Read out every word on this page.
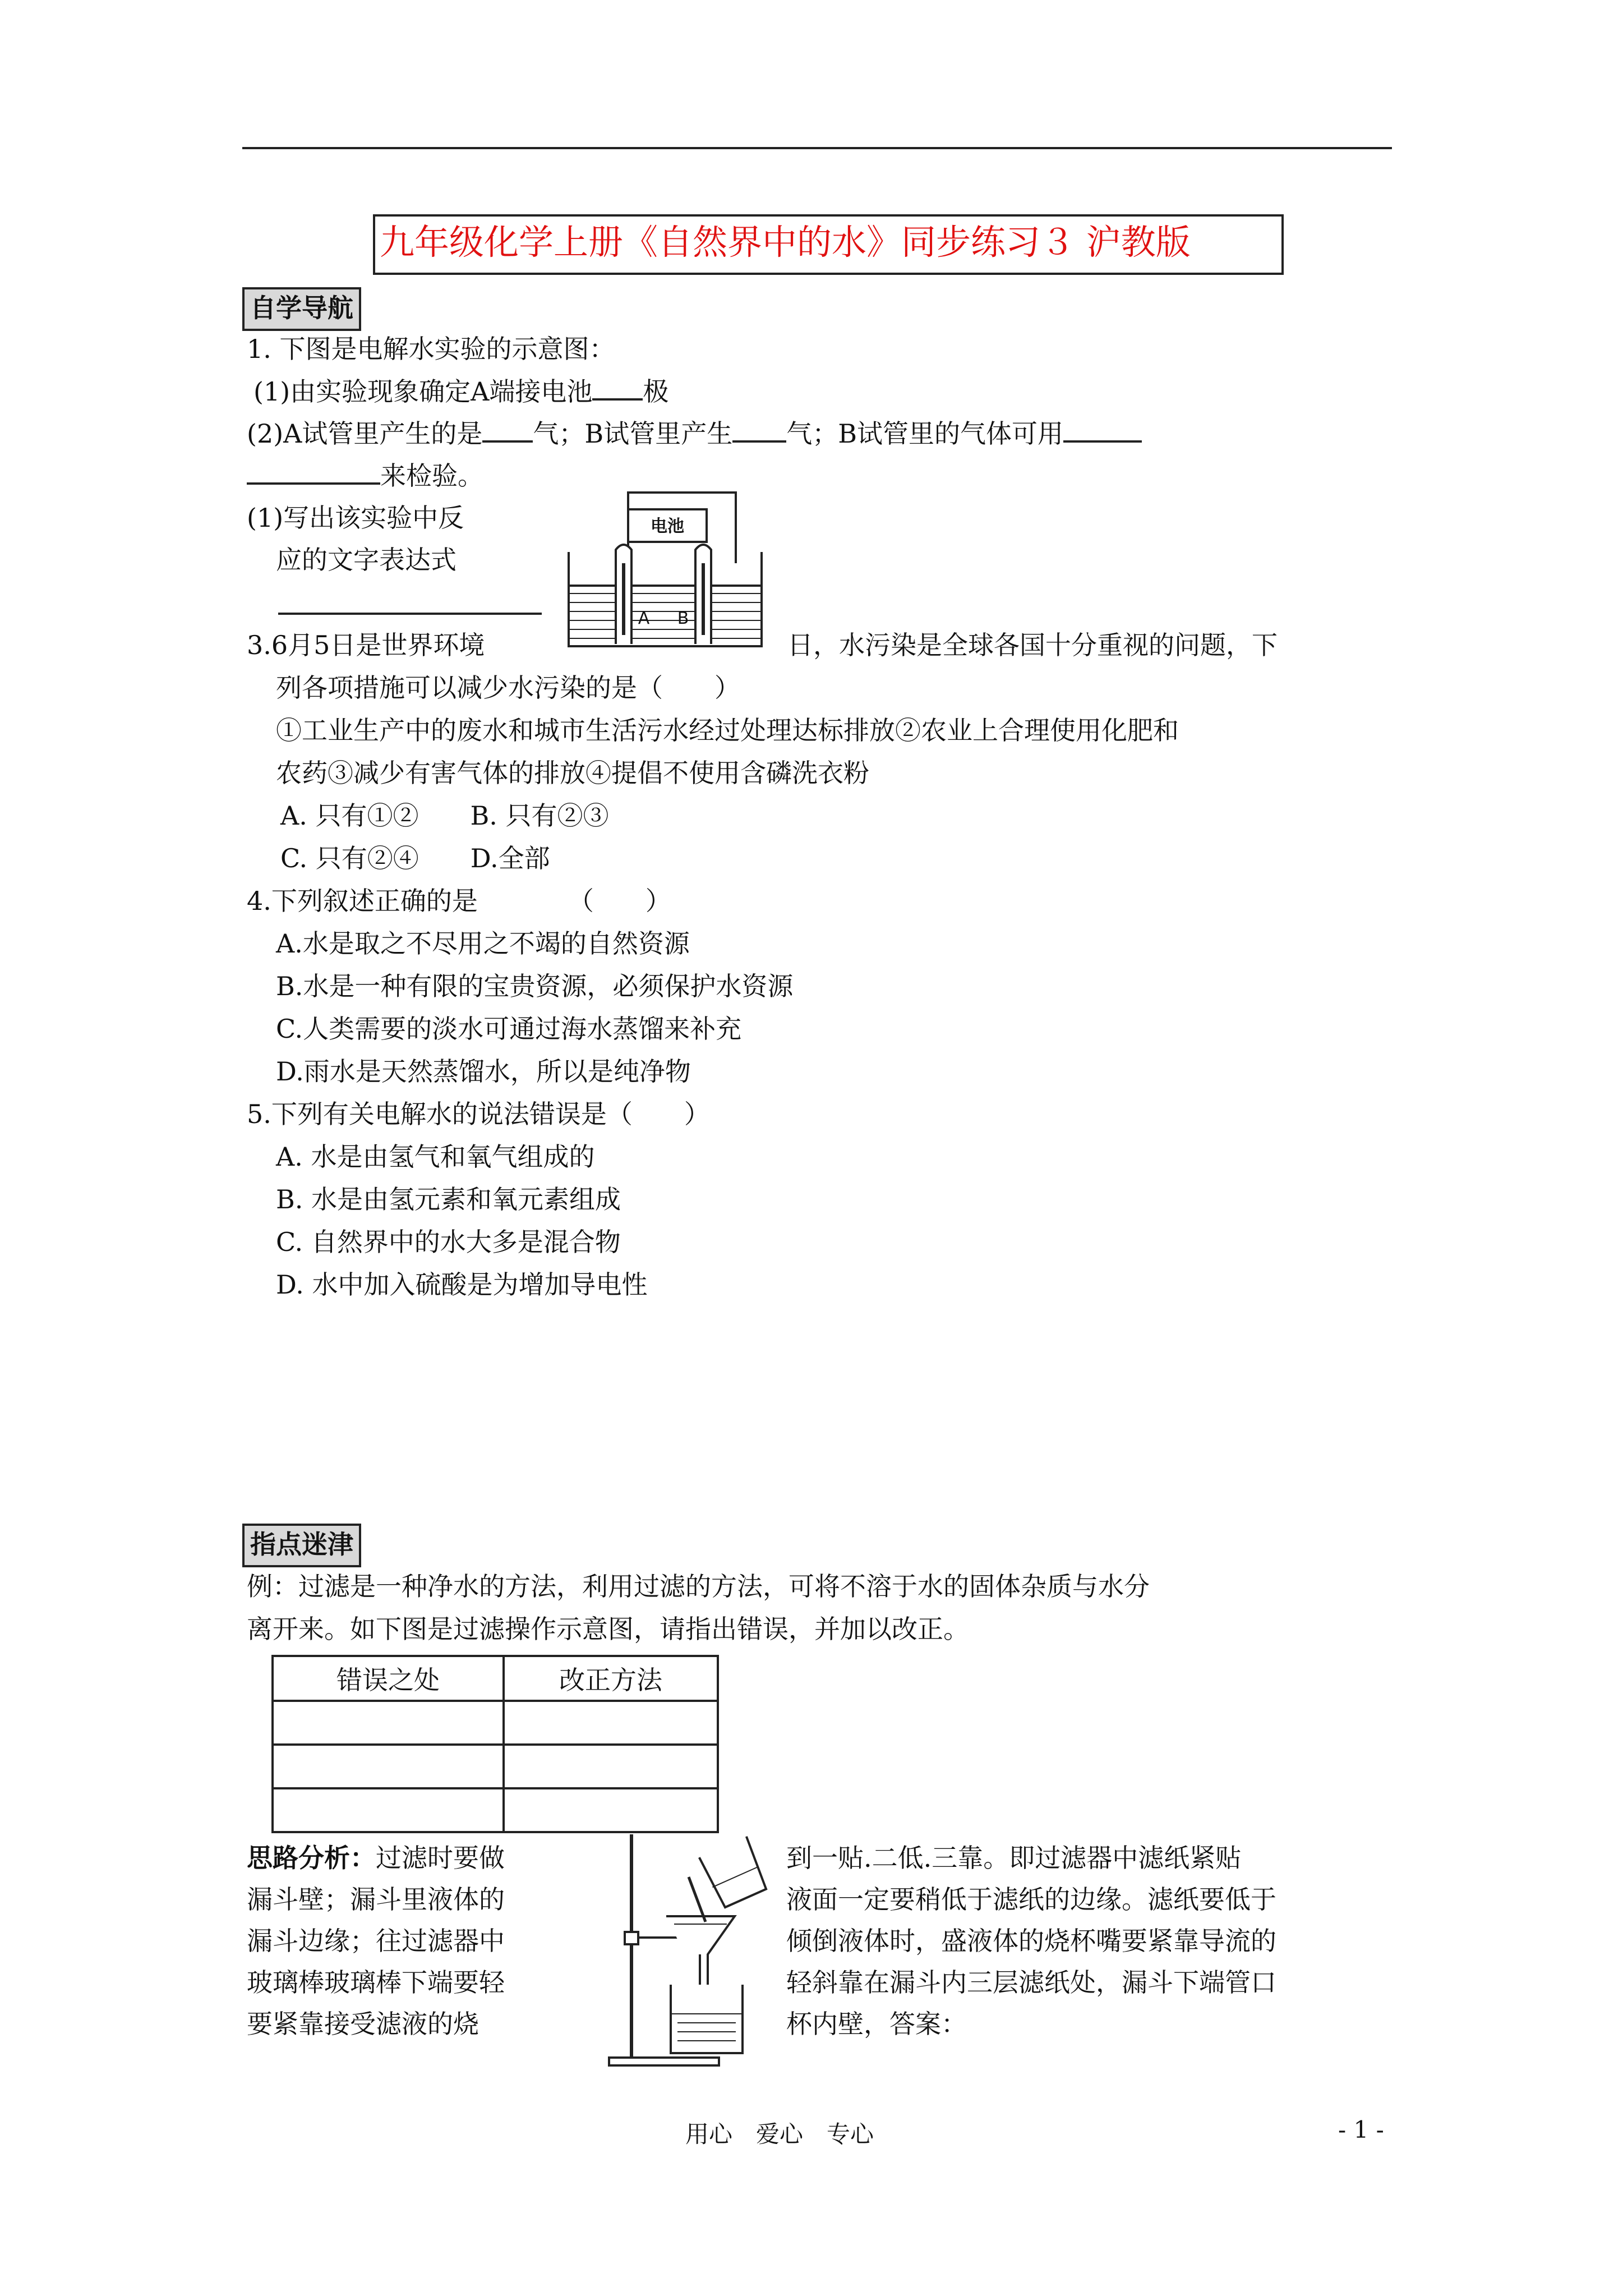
九年级化学上册《自然界中的水》同步练习３ 沪教版
自学导航
1. 下图是电解水实验的示意图：
(1)由实验现象确定A端接电池 极
(2)A试管里产生的是 气；B试管里产生 气；B试管里的气体可用
来检验。
(1)写出该实验中反
应的文字表达式
电池
A B
3.6月5日是世界环境	日，水污染是全球各国十分重视的问题，下
列各项措施可以减少水污染的是（　　）
①工业生产中的废水和城市生活污水经过处理达标排放②农业上合理使用化肥和
农药③减少有害气体的排放④提倡不使用含磷洗衣粉
A. 只有①②　　B. 只有②③
C. 只有②④　　D.全部
4.下列叙述正确的是　　　　（　　）
A.水是取之不尽用之不竭的自然资源
B.水是一种有限的宝贵资源，必须保护水资源
C.人类需要的淡水可通过海水蒸馏来补充
D.雨水是天然蒸馏水，所以是纯净物
5.下列有关电解水的说法错误是（　　）
A. 水是由氢气和氧气组成的
B. 水是由氢元素和氧元素组成
C. 自然界中的水大多是混合物
D. 水中加入硫酸是为增加导电性
指点迷津
例：过滤是一种净水的方法，利用过滤的方法，可将不溶于水的固体杂质与水分
离开来。如下图是过滤操作示意图，请指出错误，并加以改正。
错误之处	改正方法

思路分析：过滤时要做
漏斗壁；漏斗里液体的
漏斗边缘；往过滤器中
玻璃棒玻璃棒下端要轻
要紧靠接受滤液的烧
到一贴.二低.三靠。即过滤器中滤纸紧贴
液面一定要稍低于滤纸的边缘。滤纸要低于
倾倒液体时，盛液体的烧杯嘴要紧靠导流的
轻斜靠在漏斗内三层滤纸处，漏斗下端管口
杯内壁，答案：
用心　爱心　专心	- 1 -
